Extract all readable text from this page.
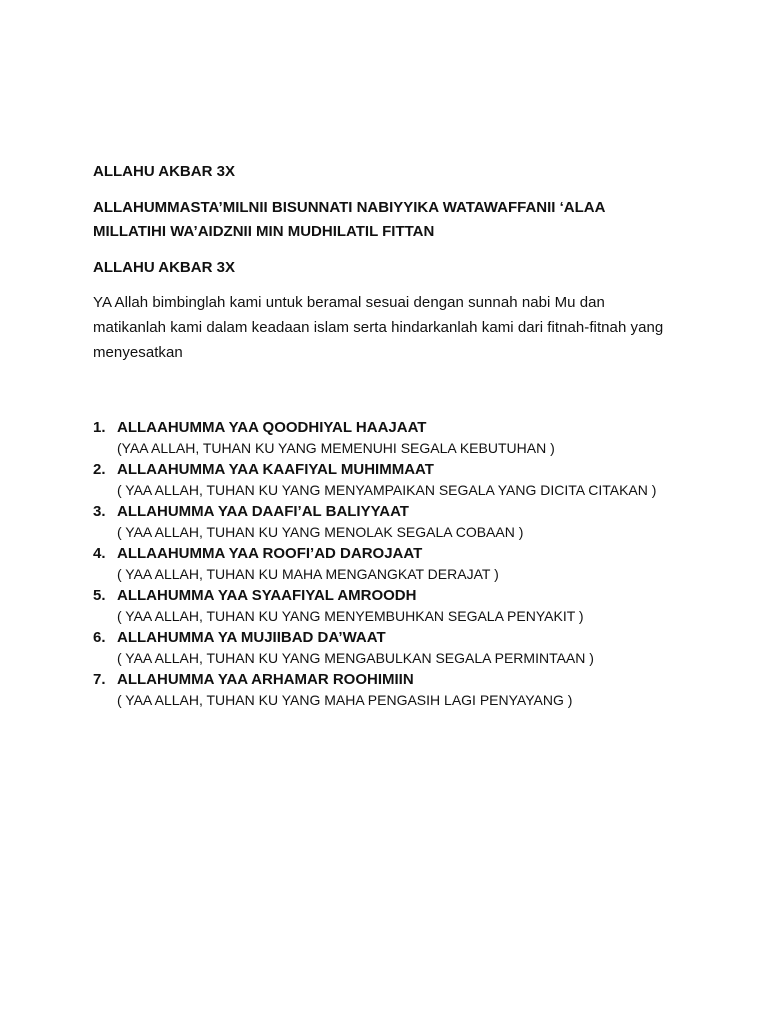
ALLAHU AKBAR 3X

ALLAHUMMASTA’MILNII BISUNNATI NABIYYIKA WATAWAFFANII ‘ALAA MILLATIHI WA’AIDZNII MIN MUDHILATIL FITTAN

ALLAHU AKBAR 3X

YA Allah bimbinglah kami untuk beramal sesuai dengan sunnah nabi Mu dan matikanlah kami dalam keadaan islam serta hindarkanlah kami dari fitnah-fitnah yang menyesatkan

1. ALLAAHUMMA YAA QOODHIYAL HAAJAAT
(YAA ALLAH, TUHAN KU YANG MEMENUHI SEGALA KEBUTUHAN )
2. ALLAAHUMMA YAA KAAFIYAL MUHIMMAAT
( YAA ALLAH, TUHAN KU YANG MENYAMPAIKAN SEGALA YANG DICITA CITAKAN )
3. ALLAHUMMA YAA DAAFI’AL BALIYYAAT
( YAA ALLAH, TUHAN KU YANG MENOLAK SEGALA COBAAN )
4. ALLAAHUMMA YAA ROOFI’AD DAROJAAT
( YAA ALLAH, TUHAN KU MAHA MENGANGKAT DERAJAT )
5. ALLAHUMMA YAA SYAAFIYAL AMROODH
( YAA ALLAH, TUHAN KU YANG MENYEMBUHKAN SEGALA PENYAKIT )
6. ALLAHUMMA YA MUJIIBAD DA’WAAT
( YAA ALLAH, TUHAN KU YANG MENGABULKAN SEGALA PERMINTAAN )
7. ALLAHUMMA YAA ARHAMAR ROOHIMIIN
( YAA ALLAH, TUHAN KU YANG MAHA PENGASIH LAGI PENYAYANG )
